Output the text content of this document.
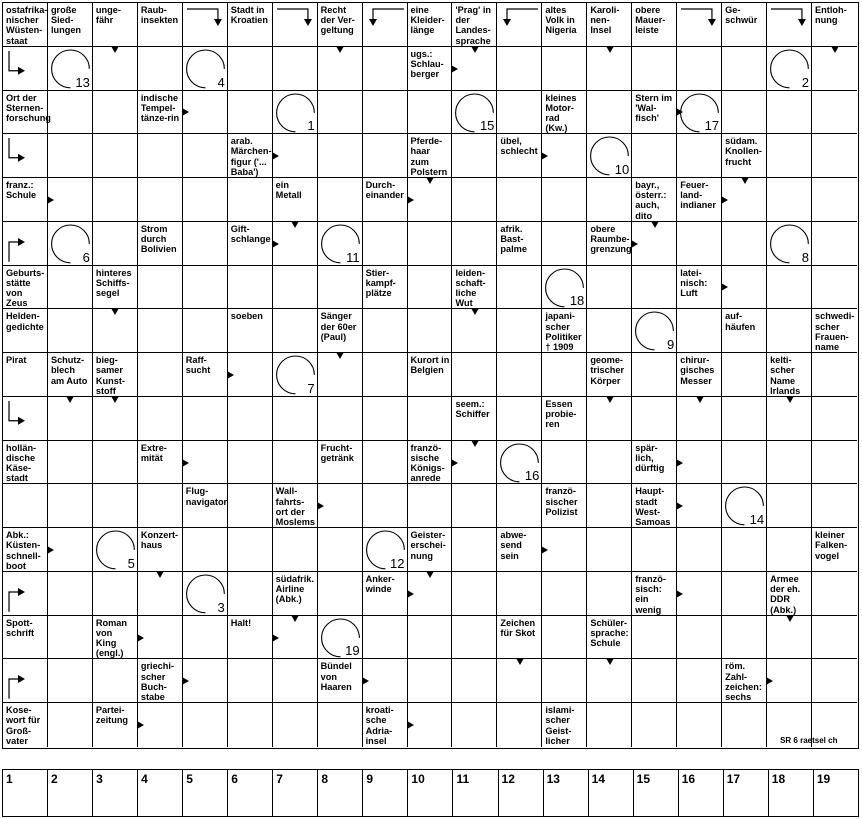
ostafrika-nischer Wüsten-staat
große Sied-lungen
unge-fähr
Raub-insekten
Stadt in Kroatien
Recht der Ver-geltung
eine Kleider-länge
'Prag' in der Landes-sprache
altes Volk in Nigeria
Karoli-nen-Insel
obere Mauer-leiste
Ge-schwür
Entloh-nung
13	4
ugs.: Schlau-berger
2
Ort der Sternen-forschung
indische Tempel-tänze-rin
1	15
kleines Motor-rad (Kw.)
Stern im 'Wal-fisch'
17
arab. Märchen-figur ('... Baba')
Pferde-haar zum Polstern
übel, schlecht
10
südam. Knollen-frucht
franz.: Schule
ein Metall
Durch-einander
bayr., österr.: auch, dito
Feuer-land-indianer
6
Strom durch Bolivien
Gift-schlange
11
afrik. Bast-palme
obere Raumbe-grenzung
8
Geburts-stätte von Zeus
hinteres Schiffs-segel
Stier-kampf-plätze
leiden-schaft-liche Wut	18
latei-nisch: Luft
Helden-gedichte
soeben	Sänger der 60er (Paul)
japani-scher Politiker † 1909	9
auf-häufen
schwedi-scher Frauen-name
Pirat	Schutz-blech am Auto
bieg-samer Kunst-stoff
Raff-sucht
7
Kurort in Belgien
geome-trischer Körper
chirur-gisches Messer
kelti-scher Name Irlands
seem.: Schiffer
Essen probie-ren
hollän-dische Käse-stadt
Extre-mität
Frucht-getränk
franzö-sische Königs-anrede	16
spär-lich, dürftig
Flug-navigator
Wall-fahrts-ort der Moslems
franzö-sischer Polizist
Haupt-stadt West-Samoas	14
Abk.: Küsten-schnell-boot	5
Konzert-haus
12
Geister-erschei-nung
abwe-send sein
kleiner Falken-vogel
3
südafrik. Airline (Abk.)
Anker-winde
franzö-sisch: ein wenig
Armee der eh. DDR (Abk.)
Spott-schrift
Roman von King (engl.)
Halt!
19
Zeichen für Skot
Schüler-sprache: Schule
griechi-scher Buch-stabe
Bündel von Haaren
röm. Zahl-zeichen: sechs
Kose-wort für Groß-vater
Partei-zeitung
kroati-sche Adria-insel
islami-scher Geist-licher	SR 6 raetsel ch
1	2	3	4	5	6	7	8	9	10	11	12	13	14	15	16	17	18	19
